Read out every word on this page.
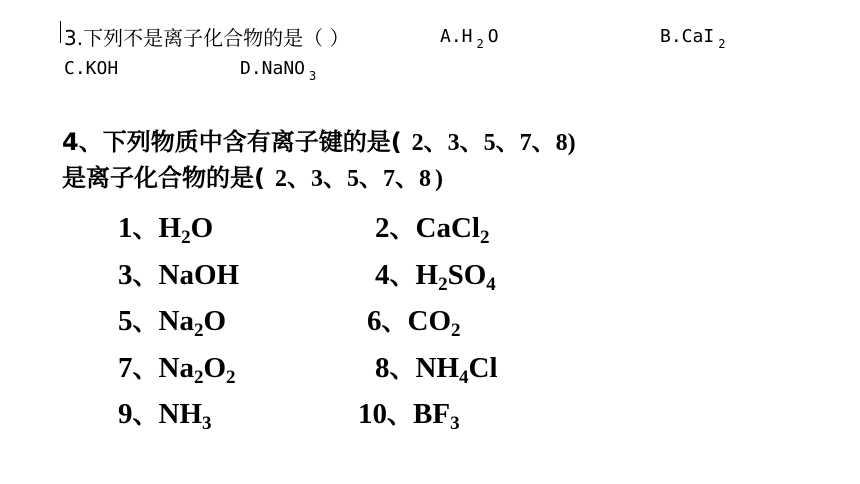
3.下列不是离子化合物的是（ ）	A.H $_2$ O	B.CaI $_2$
C.KOH	D.NaNO $_3$
4、下列物质中含有离子键的是( 2、3、5、7、8)
是离子化合物的是( 2、3、5、7、8 )
1、$H_2O$	2、CaCl$_2$
3、NaOH	4、$H_2SO_4$
5、$Na_2O$	6、$CO_2$
7、$Na_2O_2$	8、$NH_4Cl$
9、$NH_3$	10、$BF_3$
